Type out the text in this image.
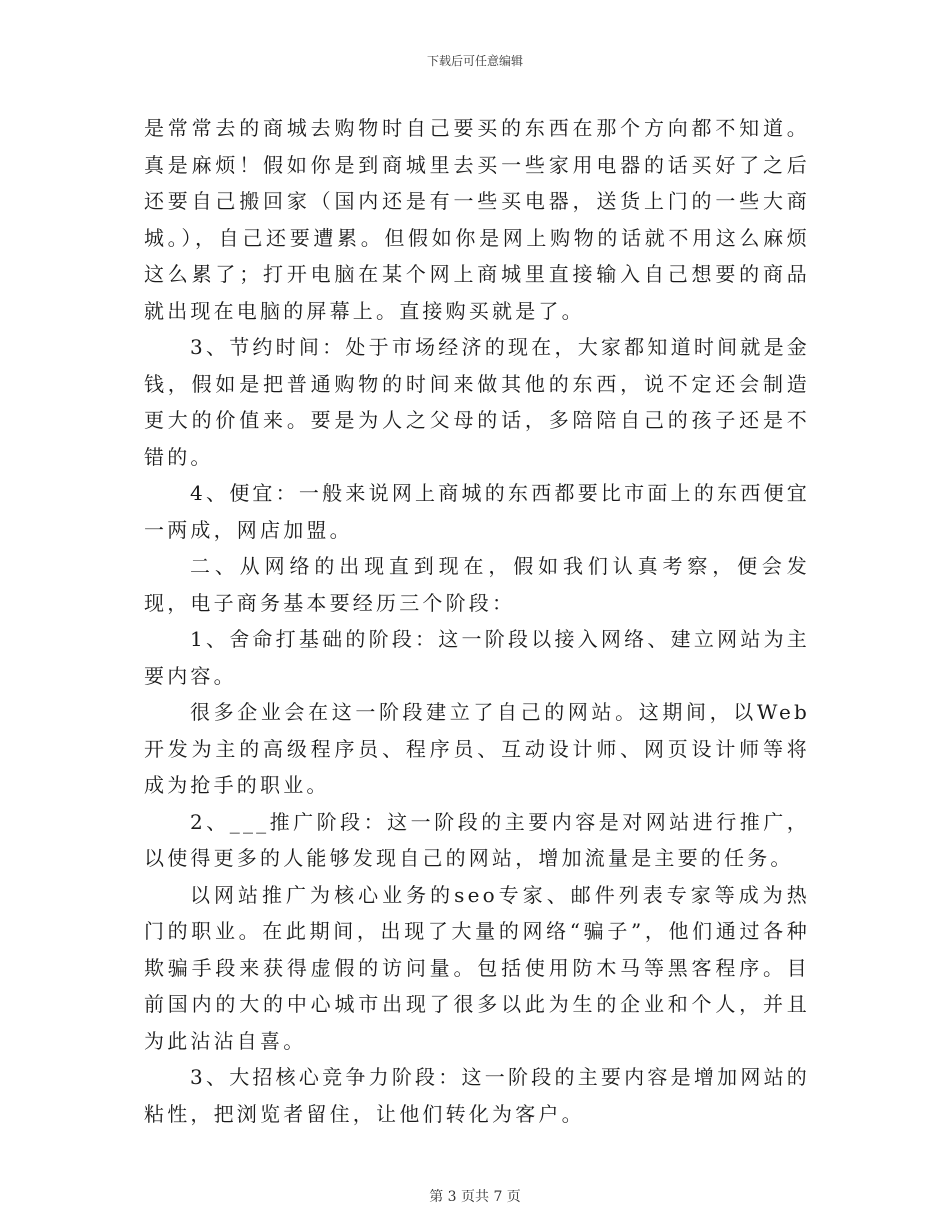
下载后可任意编辑

是常常去的商城去购物时自己要买的东西在那个方向都不知道。真是麻烦！假如你是到商城里去买一些家用电器的话买好了之后还要自己搬回家（国内还是有一些买电器，送货上门的一些大商城。），自己还要遭累。但假如你是网上购物的话就不用这么麻烦这么累了；打开电脑在某个网上商城里直接输入自己想要的商品就出现在电脑的屏幕上。直接购买就是了。

3、节约时间：处于市场经济的现在，大家都知道时间就是金钱，假如是把普通购物的时间来做其他的东西，说不定还会制造更大的价值来。要是为人之父母的话，多陪陪自己的孩子还是不错的。

4、便宜：一般来说网上商城的东西都要比市面上的东西便宜一两成，网店加盟。

二、从网络的出现直到现在，假如我们认真考察，便会发现，电子商务基本要经历三个阶段：

1、舍命打基础的阶段：这一阶段以接入网络、建立网站为主要内容。

很多企业会在这一阶段建立了自己的网站。这期间，以Web开发为主的高级程序员、程序员、互动设计师、网页设计师等将成为抢手的职业。

2、___推广阶段：这一阶段的主要内容是对网站进行推广，以使得更多的人能够发现自己的网站，增加流量是主要的任务。

以网站推广为核心业务的seo专家、邮件列表专家等成为热门的职业。在此期间，出现了大量的网络“骗子”，他们通过各种欺骗手段来获得虚假的访问量。包括使用防木马等黑客程序。目前国内的大的中心城市出现了很多以此为生的企业和个人，并且为此沾沾自喜。

3、大招核心竞争力阶段：这一阶段的主要内容是增加网站的粘性，把浏览者留住，让他们转化为客户。

第 3 页共 7 页
